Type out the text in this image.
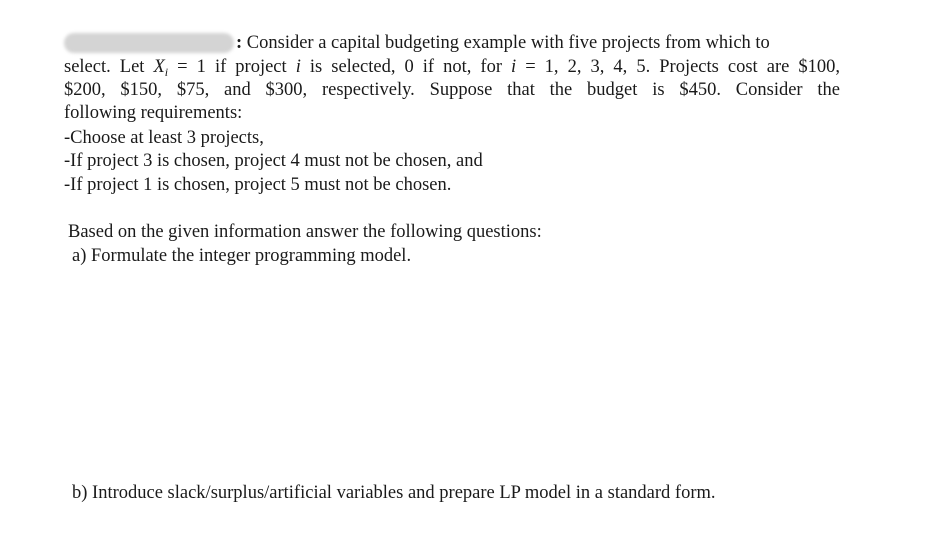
: Consider a capital budgeting example with five projects from which to
select. Let $X_i = 1$ if project i is selected, 0 if not, for i = 1, 2, 3, 4, 5. Projects cost are $100,
$200, $150, $75, and $300, respectively. Suppose that the budget is $450. Consider the
following requirements:
-Choose at least 3 projects,
-If project 3 is chosen, project 4 must not be chosen, and
-If project 1 is chosen, project 5 must not be chosen.
Based on the given information answer the following questions:
a) Formulate the integer programming model.
b) Introduce slack/surplus/artificial variables and prepare LP model in a standard form.
